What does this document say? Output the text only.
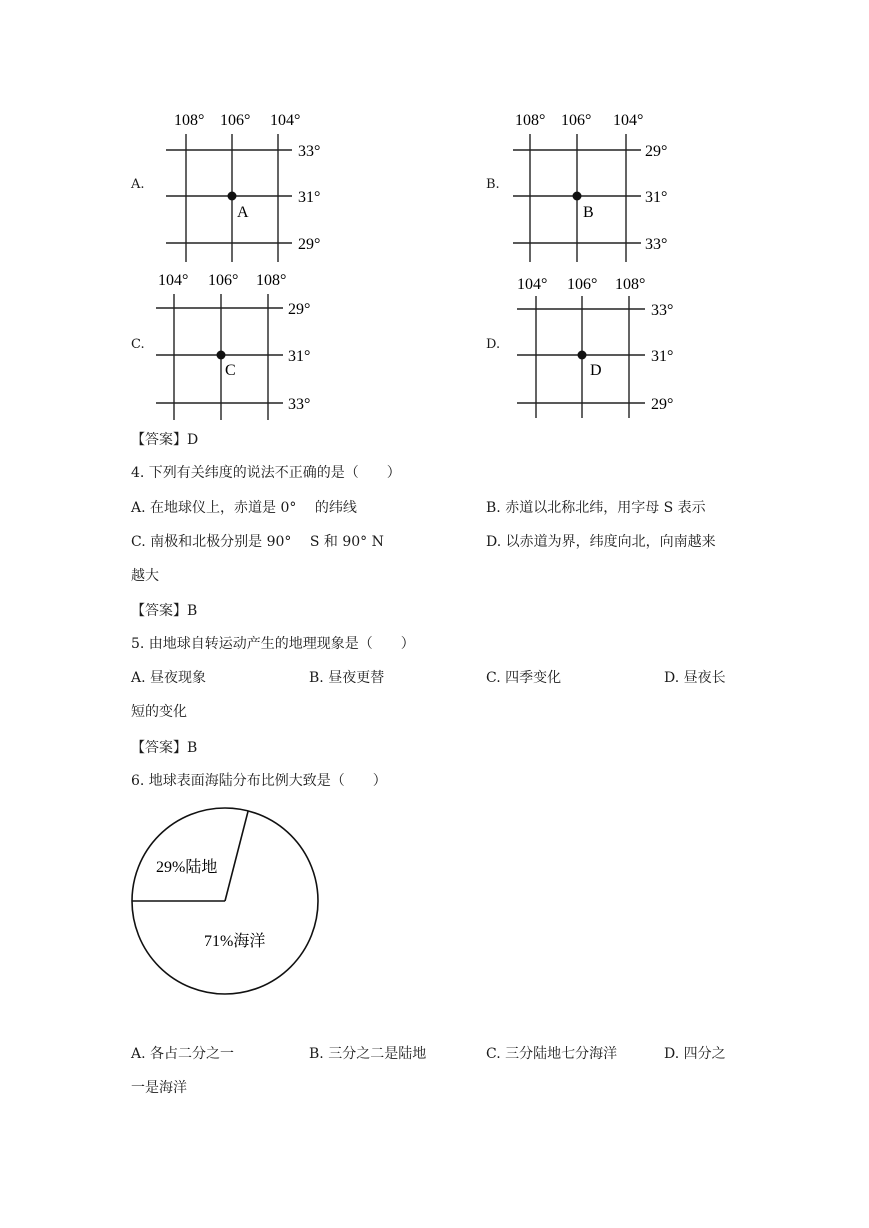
A.
108° 106° 104°
33°
31°
29°
A
B.
108° 106° 104°
29°
31°
33°
B
C.
104° 106° 108°
29°
31°
33°
C
D.
104° 106° 108°
33°
31°
29°
D
【答案】D
4. 下列有关纬度的说法不正确的是（　　）
A. 在地球仪上，赤道是 0°　 的纬线	B. 赤道以北称北纬，用字母 S 表示
C. 南极和北极分别是 90°　 S 和 90° N	D. 以赤道为界，纬度向北，向南越来
越大
【答案】B
5. 由地球自转运动产生的地理现象是（　　）
A. 昼夜现象	B. 昼夜更替	C. 四季变化	D. 昼夜长
短的变化
【答案】B
6. 地球表面海陆分布比例大致是（　　）
29%陆地
71%海洋
A. 各占二分之一	B. 三分之二是陆地	C. 三分陆地七分海洋	D. 四分之
一是海洋
